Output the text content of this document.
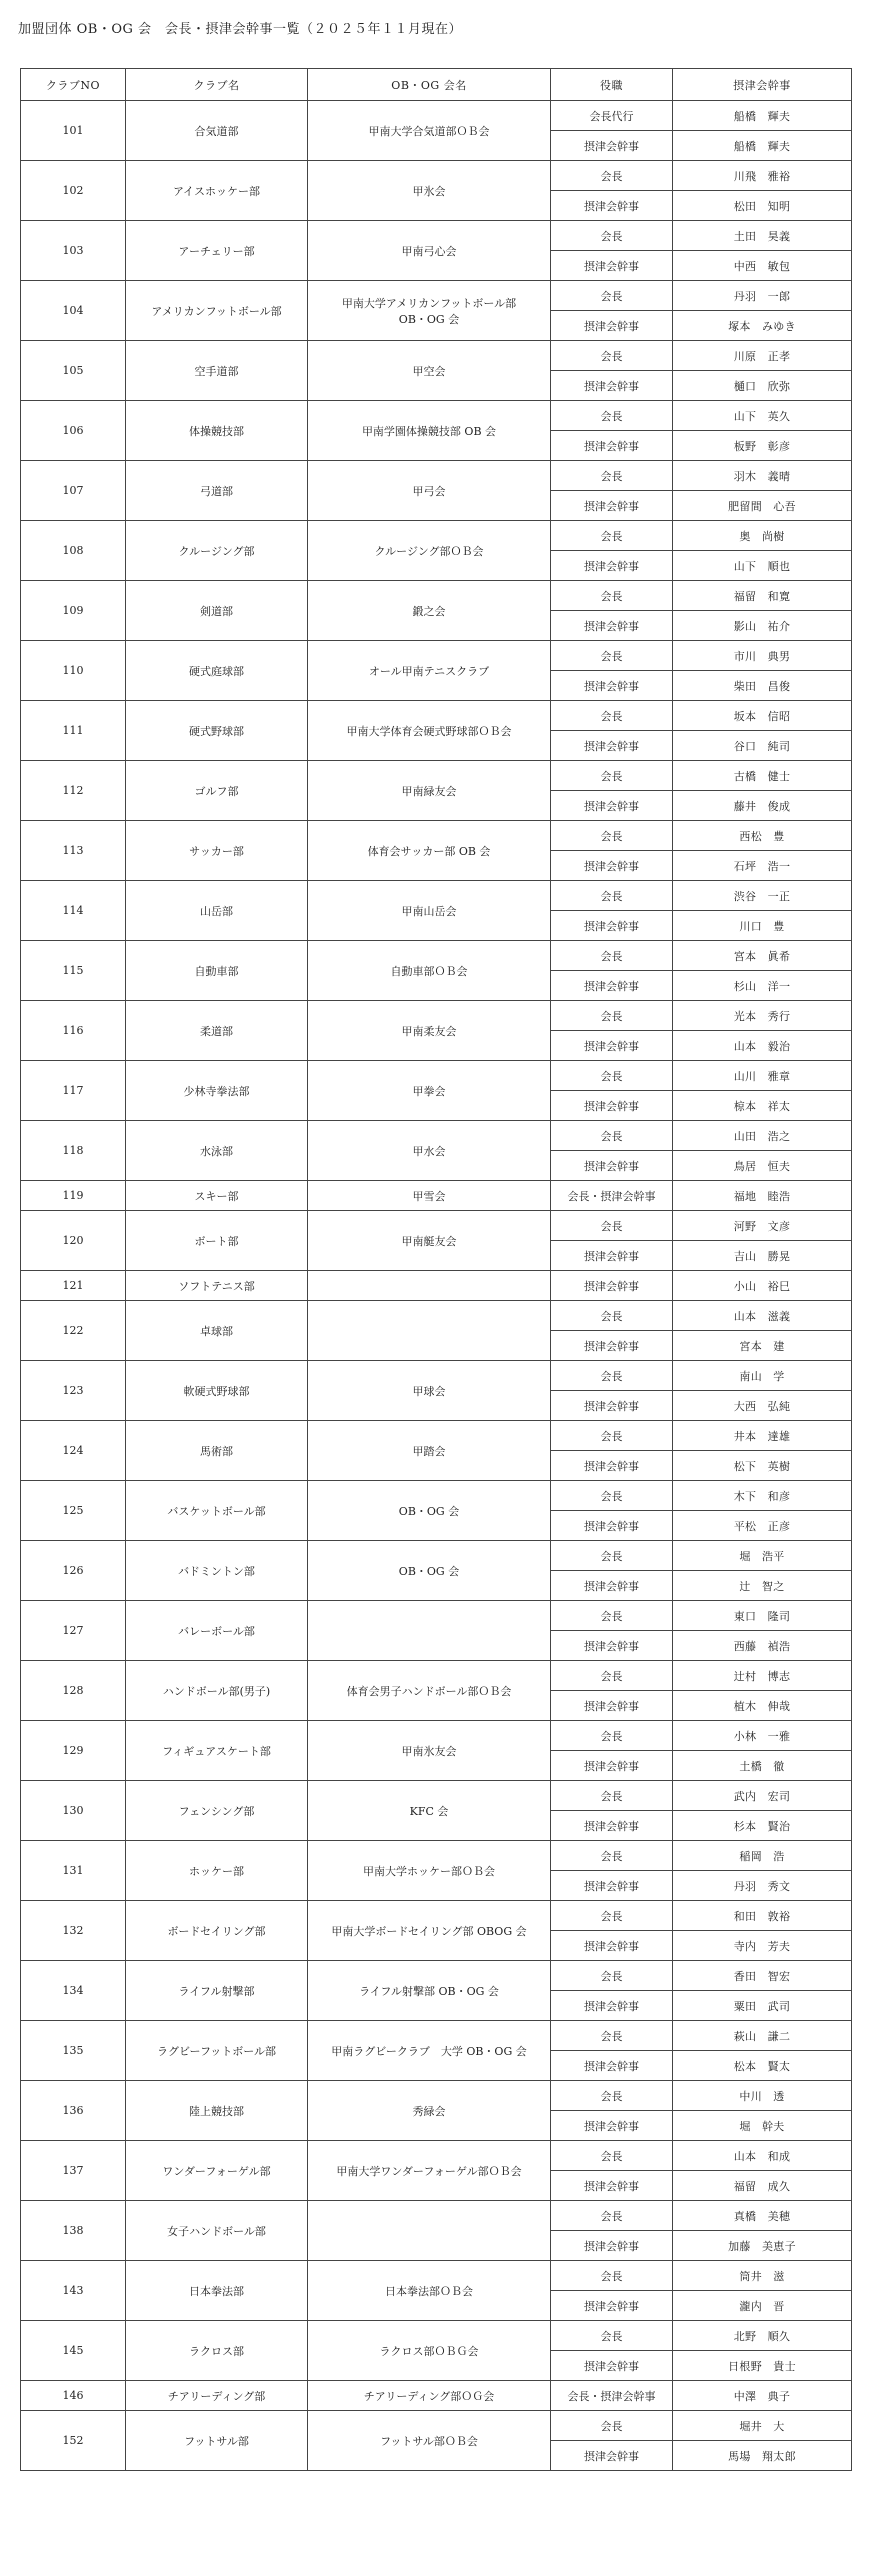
加盟団体 OB・OG 会　会長・摂津会幹事一覧（２０２５年１１月現在）
クラブNO	クラブ名	OB・OG 会名	役職	摂津会幹事
101	合気道部	甲南大学合気道部ＯＢ会	会長代行	船橋　輝夫
			摂津会幹事	船橋　輝夫
102	アイスホッケー部	甲氷会	会長	川飛　雅裕
			摂津会幹事	松田　知明
103	アーチェリー部	甲南弓心会	会長	土田　昊義
			摂津会幹事	中西　敏包
104	アメリカンフットボール部	甲南大学アメリカンフットボール部
OB・OG 会	会長	丹羽　一郎
			摂津会幹事	塚本　みゆき
105	空手道部	甲空会	会長	川原　正孝
			摂津会幹事	樋口　欣弥
106	体操競技部	甲南学園体操競技部 OB 会	会長	山下　英久
			摂津会幹事	板野　彰彦
107	弓道部	甲弓会	会長	羽木　義晴
			摂津会幹事	肥留間　心吾
108	クルージング部	クルージング部ＯＢ会	会長	奥　尚樹
			摂津会幹事	山下　順也
109	剣道部	鍛之会	会長	福留　和寛
			摂津会幹事	影山　祐介
110	硬式庭球部	オール甲南テニスクラブ	会長	市川　典男
			摂津会幹事	柴田　昌俊
111	硬式野球部	甲南大学体育会硬式野球部ＯＢ会	会長	坂本　信昭
			摂津会幹事	谷口　純司
112	ゴルフ部	甲南緑友会	会長	古橋　健士
			摂津会幹事	藤井　俊成
113	サッカー部	体育会サッカー部 OB 会	会長	西松　豊
			摂津会幹事	石坪　浩一
114	山岳部	甲南山岳会	会長	渋谷　一正
			摂津会幹事	川口　豊
115	自動車部	自動車部ＯＢ会	会長	宮本　眞希
			摂津会幹事	杉山　洋一
116	柔道部	甲南柔友会	会長	光本　秀行
			摂津会幹事	山本　毅治
117	少林寺拳法部	甲拳会	会長	山川　雅章
			摂津会幹事	椋本　祥太
118	水泳部	甲水会	会長	山田　浩之
			摂津会幹事	鳥居　恒夫
119	スキー部	甲雪会	会長・摂津会幹事	福地　睦浩
120	ボート部	甲南艇友会	会長	河野　文彦
			摂津会幹事	吉山　勝晃
121	ソフトテニス部		摂津会幹事	小山　裕巳
122	卓球部		会長	山本　滋義
			摂津会幹事	宮本　建
123	軟硬式野球部	甲球会	会長	南山　学
			摂津会幹事	大西　弘純
124	馬術部	甲踏会	会長	井本　達雄
			摂津会幹事	松下　英樹
125	バスケットボール部	OB・OG 会	会長	木下　和彦
			摂津会幹事	平松　正彦
126	バドミントン部	OB・OG 会	会長	堀　浩平
			摂津会幹事	辻　智之
127	バレーボール部		会長	東口　隆司
			摂津会幹事	西藤　禎浩
128	ハンドボール部(男子)	体育会男子ハンドボール部ＯＢ会	会長	辻村　博志
			摂津会幹事	植木　伸哉
129	フィギュアスケート部	甲南氷友会	会長	小林　一雅
			摂津会幹事	土橋　徹
130	フェンシング部	KFC 会	会長	武内　宏司
			摂津会幹事	杉本　賢治
131	ホッケー部	甲南大学ホッケー部ＯＢ会	会長	稲岡　浩
			摂津会幹事	丹羽　秀文
132	ボードセイリング部	甲南大学ボードセイリング部 OBOG 会	会長	和田　敦裕
			摂津会幹事	寺内　芳夫
134	ライフル射撃部	ライフル射撃部 OB・OG 会	会長	香田　智宏
			摂津会幹事	粟田　武司
135	ラグビーフットボール部	甲南ラグビークラブ　大学 OB・OG 会	会長	萩山　謙二
			摂津会幹事	松本　賢太
136	陸上競技部	秀緑会	会長	中川　透
			摂津会幹事	堀　幹夫
137	ワンダーフォーゲル部	甲南大学ワンダーフォーゲル部ＯＢ会	会長	山本　和成
			摂津会幹事	福留　成久
138	女子ハンドボール部		会長	真橋　美穂
			摂津会幹事	加藤　美恵子
143	日本拳法部	日本拳法部ＯＢ会	会長	筒井　滋
			摂津会幹事	瀧内　晋
145	ラクロス部	ラクロス部ＯＢＧ会	会長	北野　順久
			摂津会幹事	日根野　貴士
146	チアリーディング部	チアリーディング部ＯＧ会	会長・摂津会幹事	中澤　典子
152	フットサル部	フットサル部ＯＢ会	会長	堀井　大
			摂津会幹事	馬場　翔太郎
